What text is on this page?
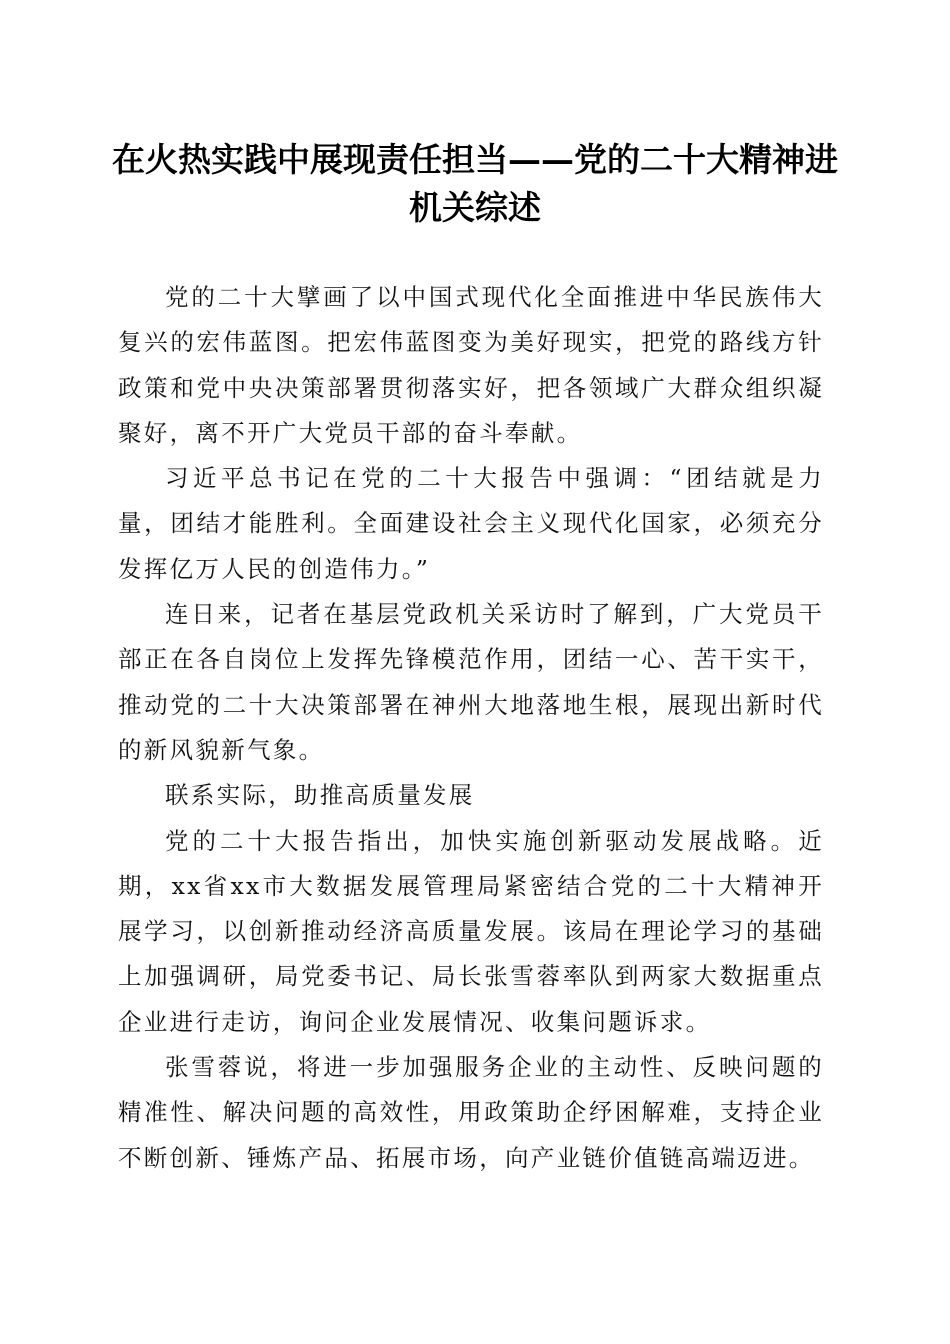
在火热实践中展现责任担当——党的二十大精神进机关综述

党的二十大擘画了以中国式现代化全面推进中华民族伟大复兴的宏伟蓝图。把宏伟蓝图变为美好现实，把党的路线方针政策和党中央决策部署贯彻落实好，把各领域广大群众组织凝聚好，离不开广大党员干部的奋斗奉献。

习近平总书记在党的二十大报告中强调：“团结就是力量，团结才能胜利。全面建设社会主义现代化国家，必须充分发挥亿万人民的创造伟力。”

连日来，记者在基层党政机关采访时了解到，广大党员干部正在各自岗位上发挥先锋模范作用，团结一心、苦干实干，推动党的二十大决策部署在神州大地落地生根，展现出新时代的新风貌新气象。

联系实际，助推高质量发展

党的二十大报告指出，加快实施创新驱动发展战略。近期，xx省xx市大数据发展管理局紧密结合党的二十大精神开展学习，以创新推动经济高质量发展。该局在理论学习的基础上加强调研，局党委书记、局长张雪蓉率队到两家大数据重点企业进行走访，询问企业发展情况、收集问题诉求。

张雪蓉说，将进一步加强服务企业的主动性、反映问题的精准性、解决问题的高效性，用政策助企纾困解难，支持企业不断创新、锤炼产品、拓展市场，向产业链价值链高端迈进。
